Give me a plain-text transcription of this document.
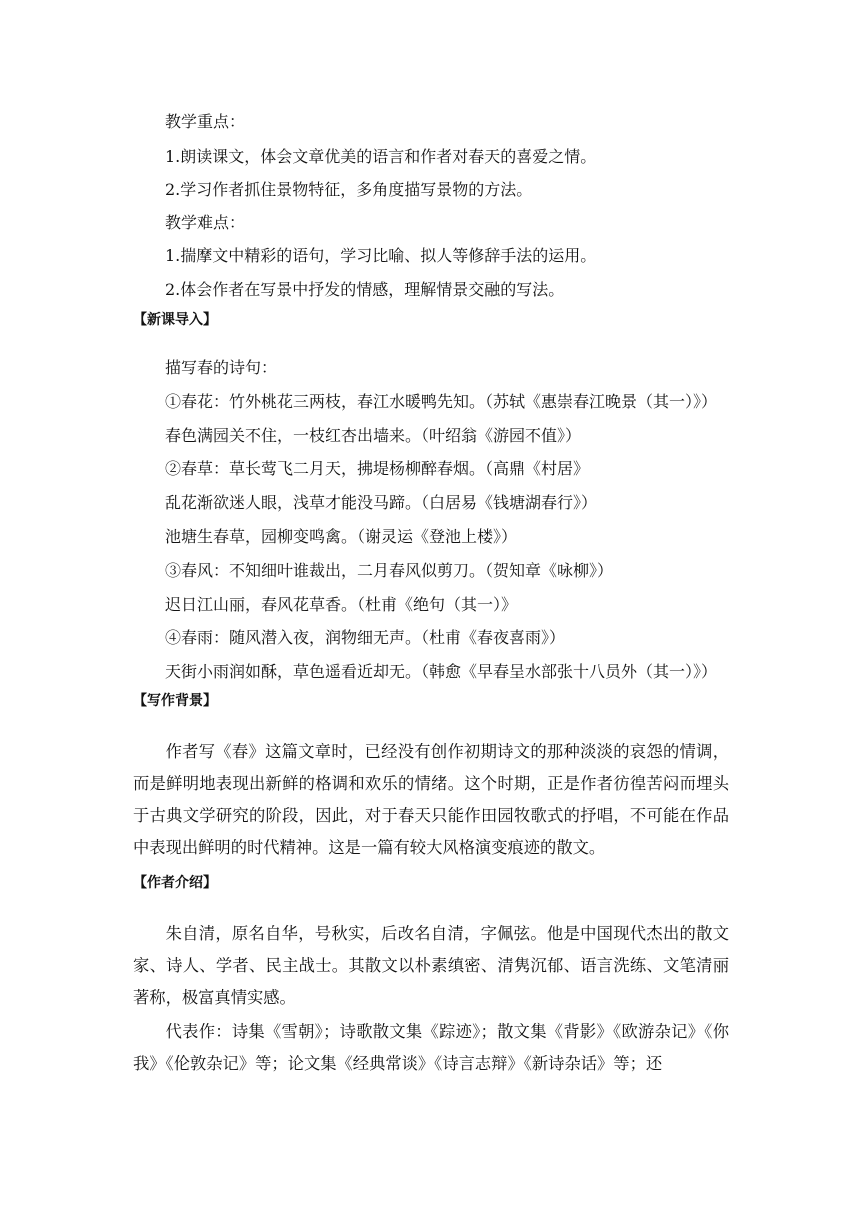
教学重点：
1.朗读课文，体会文章优美的语言和作者对春天的喜爱之情。
2.学习作者抓住景物特征，多角度描写景物的方法。
教学难点：
1.揣摩文中精彩的语句，学习比喻、拟人等修辞手法的运用。
2.体会作者在写景中抒发的情感，理解情景交融的写法。
【新课导入】
描写春的诗句：
①春花：竹外桃花三两枝，春江水暖鸭先知。（苏轼《惠崇春江晚景（其一）》）
春色满园关不住，一枝红杏出墙来。（叶绍翁《游园不值》）
②春草：草长莺飞二月天，拂堤杨柳醉春烟。（高鼎《村居》
乱花渐欲迷人眼，浅草才能没马蹄。（白居易《钱塘湖春行》）
池塘生春草，园柳变鸣禽。（谢灵运《登池上楼》）
③春风：不知细叶谁裁出，二月春风似剪刀。（贺知章《咏柳》）
迟日江山丽，春风花草香。（杜甫《绝句（其一）》
④春雨：随风潜入夜，润物细无声。（杜甫《春夜喜雨》）
天街小雨润如酥，草色遥看近却无。（韩愈《早春呈水部张十八员外（其一）》）
【写作背景】
作者写《春》这篇文章时，已经没有创作初期诗文的那种淡淡的哀怨的情调，而是鲜明地表现出新鲜的格调和欢乐的情绪。这个时期，正是作者彷徨苦闷而埋头于古典文学研究的阶段，因此，对于春天只能作田园牧歌式的抒唱，不可能在作品中表现出鲜明的时代精神。这是一篇有较大风格演变痕迹的散文。
【作者介绍】
朱自清，原名自华，号秋实，后改名自清，字佩弦。他是中国现代杰出的散文家、诗人、学者、民主战士。其散文以朴素缜密、清隽沉郁、语言洗练、文笔清丽著称，极富真情实感。
代表作：诗集《雪朝》；诗歌散文集《踪迹》；散文集《背影》《欧游杂记》《你我》《伦敦杂记》等；论文集《经典常谈》《诗言志辩》《新诗杂话》等；还
